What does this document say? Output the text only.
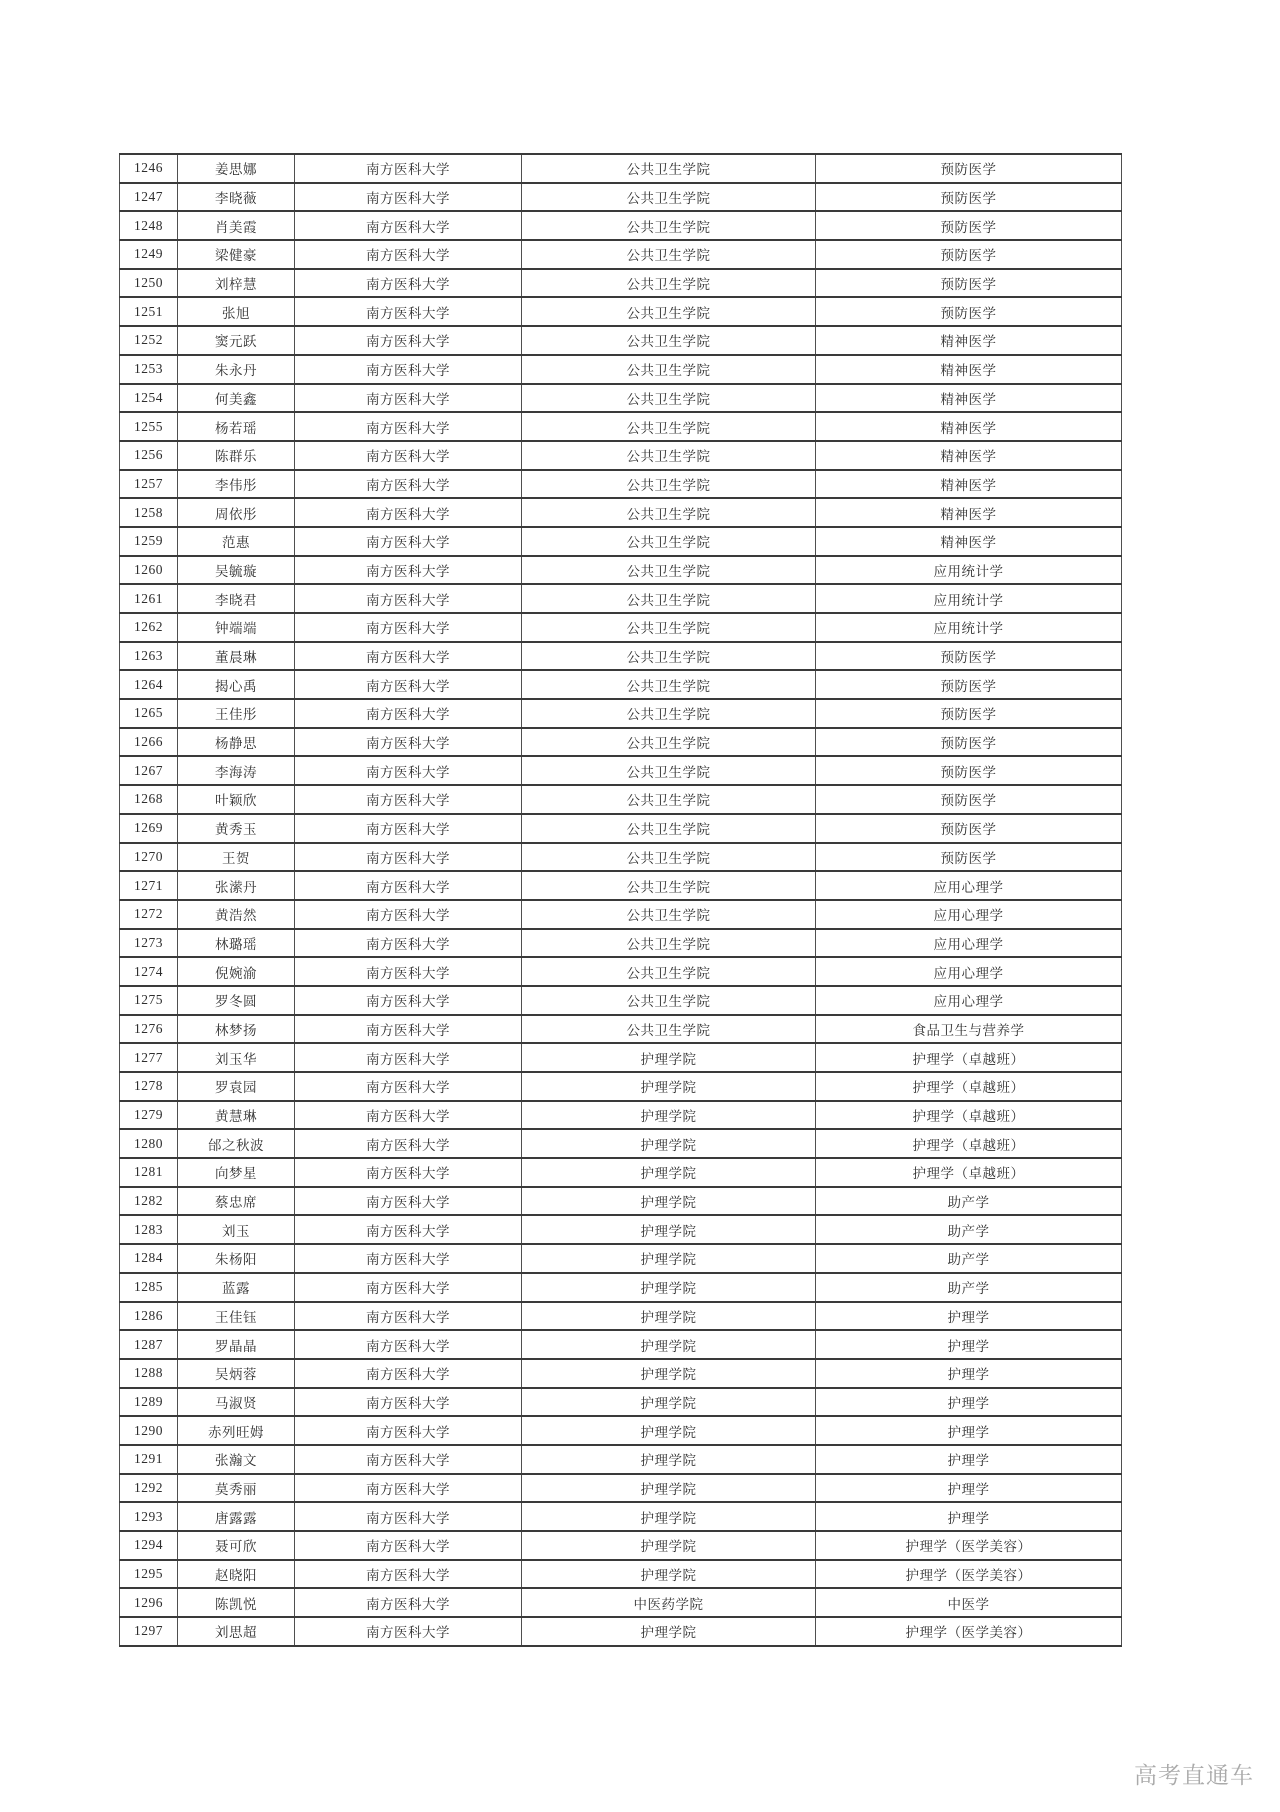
1246	姜思娜	南方医科大学	公共卫生学院	预防医学
1247	李晓薇	南方医科大学	公共卫生学院	预防医学
1248	肖美霞	南方医科大学	公共卫生学院	预防医学
1249	梁健豪	南方医科大学	公共卫生学院	预防医学
1250	刘梓慧	南方医科大学	公共卫生学院	预防医学
1251	张旭	南方医科大学	公共卫生学院	预防医学
1252	窦元跃	南方医科大学	公共卫生学院	精神医学
1253	朱永丹	南方医科大学	公共卫生学院	精神医学
1254	何美鑫	南方医科大学	公共卫生学院	精神医学
1255	杨若瑶	南方医科大学	公共卫生学院	精神医学
1256	陈群乐	南方医科大学	公共卫生学院	精神医学
1257	李伟彤	南方医科大学	公共卫生学院	精神医学
1258	周依彤	南方医科大学	公共卫生学院	精神医学
1259	范惠	南方医科大学	公共卫生学院	精神医学
1260	吴毓璇	南方医科大学	公共卫生学院	应用统计学
1261	李晓君	南方医科大学	公共卫生学院	应用统计学
1262	钟端端	南方医科大学	公共卫生学院	应用统计学
1263	董晨琳	南方医科大学	公共卫生学院	预防医学
1264	揭心禹	南方医科大学	公共卫生学院	预防医学
1265	王佳彤	南方医科大学	公共卫生学院	预防医学
1266	杨静思	南方医科大学	公共卫生学院	预防医学
1267	李海涛	南方医科大学	公共卫生学院	预防医学
1268	叶颖欣	南方医科大学	公共卫生学院	预防医学
1269	黄秀玉	南方医科大学	公共卫生学院	预防医学
1270	王贺	南方医科大学	公共卫生学院	预防医学
1271	张潆丹	南方医科大学	公共卫生学院	应用心理学
1272	黄浩然	南方医科大学	公共卫生学院	应用心理学
1273	林璐瑶	南方医科大学	公共卫生学院	应用心理学
1274	倪婉渝	南方医科大学	公共卫生学院	应用心理学
1275	罗冬圆	南方医科大学	公共卫生学院	应用心理学
1276	林梦扬	南方医科大学	公共卫生学院	食品卫生与营养学
1277	刘玉华	南方医科大学	护理学院	护理学（卓越班）
1278	罗袁园	南方医科大学	护理学院	护理学（卓越班）
1279	黄慧琳	南方医科大学	护理学院	护理学（卓越班）
1280	邰之秋波	南方医科大学	护理学院	护理学（卓越班）
1281	向梦星	南方医科大学	护理学院	护理学（卓越班）
1282	蔡忠席	南方医科大学	护理学院	助产学
1283	刘玉	南方医科大学	护理学院	助产学
1284	朱杨阳	南方医科大学	护理学院	助产学
1285	蓝露	南方医科大学	护理学院	助产学
1286	王佳钰	南方医科大学	护理学院	护理学
1287	罗晶晶	南方医科大学	护理学院	护理学
1288	吴炳蓉	南方医科大学	护理学院	护理学
1289	马淑贤	南方医科大学	护理学院	护理学
1290	赤列旺姆	南方医科大学	护理学院	护理学
1291	张瀚文	南方医科大学	护理学院	护理学
1292	莫秀丽	南方医科大学	护理学院	护理学
1293	唐露露	南方医科大学	护理学院	护理学
1294	聂可欣	南方医科大学	护理学院	护理学（医学美容）
1295	赵晓阳	南方医科大学	护理学院	护理学（医学美容）
1296	陈凯悦	南方医科大学	中医药学院	中医学
1297	刘思超	南方医科大学	护理学院	护理学（医学美容）
高考直通车
